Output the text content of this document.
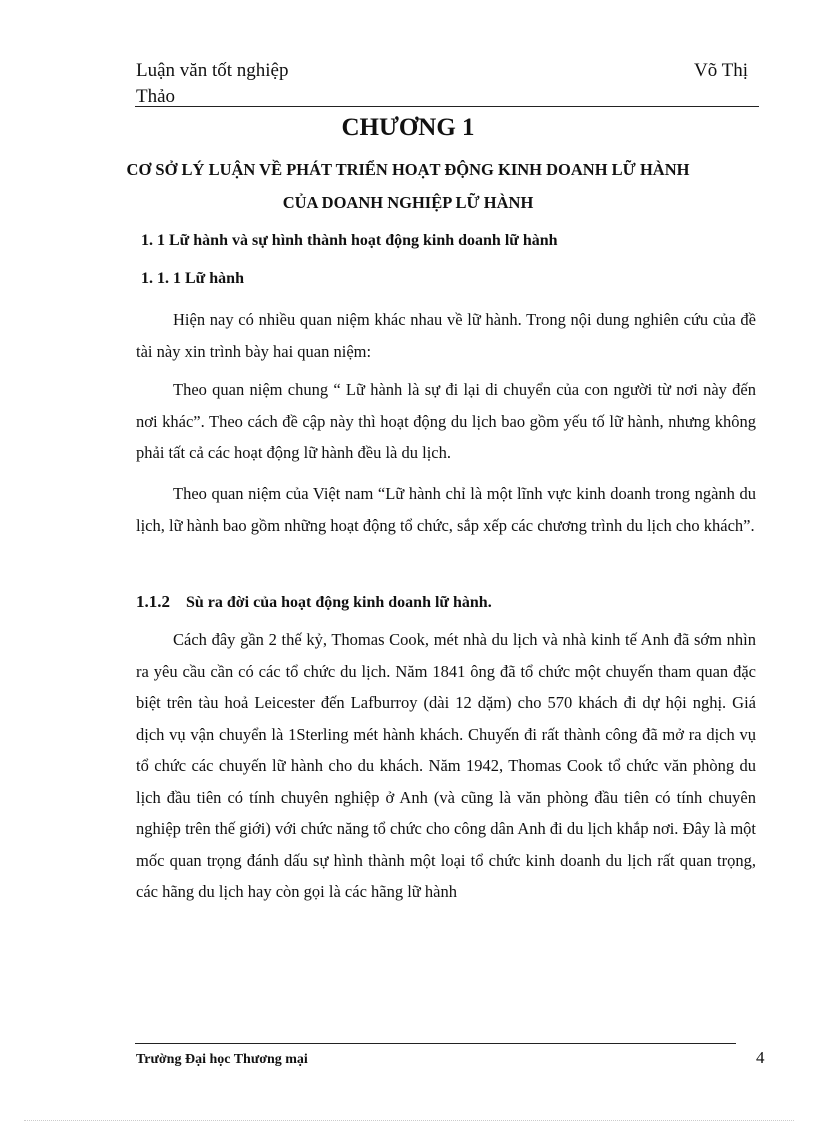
Luận văn tốt nghiệp
Thảo
Võ Thị
CHƯƠNG 1
CƠ SỞ LÝ LUẬN VỀ PHÁT TRIỂN HOẠT ĐỘNG KINH DOANH LỮ HÀNH CỦA DOANH NGHIỆP LỮ HÀNH
1. 1 Lữ hành và sự hình thành hoạt động kinh doanh lữ hành
1. 1. 1 Lữ hành
Hiện nay có nhiều quan niệm khác nhau về lữ hành. Trong nội dung nghiên cứu của đề tài này xin trình bày hai quan niệm:
Theo quan niệm chung “ Lữ hành là sự đi lại di chuyển của con người từ nơi này đến nơi khác”. Theo cách đề cập này thì hoạt động du lịch bao gồm yếu tố lữ hành, nhưng không phải tất cả các hoạt động lữ hành đều là du lịch.
Theo quan niệm của Việt nam “Lữ hành chỉ là một lĩnh vực kinh doanh trong ngành du lịch, lữ hành bao gồm những hoạt động tổ chức, sắp xếp các chương trình du lịch cho khách”.
1.1.2 Sù ra đời của hoạt động kinh doanh lữ hành.
Cách đây gần 2 thế kỷ, Thomas Cook, mét nhà du lịch và nhà kinh tế Anh đã sớm nhìn ra yêu cầu cần có các tổ chức du lịch. Năm 1841 ông đã tổ chức một chuyến tham quan đặc biệt trên tàu hoả Leicester đến Lafburroy (dài 12 dặm) cho 570 khách đi dự hội nghị. Giá dịch vụ vận chuyển là 1Sterling mét hành khách. Chuyến đi rất thành công đã mở ra dịch vụ tổ chức các chuyến lữ hành cho du khách. Năm 1942, Thomas Cook tổ chức văn phòng du lịch đầu tiên có tính chuyên nghiệp ở Anh (và cũng là văn phòng đầu tiên có tính chuyên nghiệp trên thế giới) với chức năng tổ chức cho công dân Anh đi du lịch khắp nơi. Đây là một mốc quan trọng đánh dấu sự hình thành một loại tổ chức kinh doanh du lịch rất quan trọng, các hãng du lịch hay còn gọi là các hãng lữ hành
Trường Đại học Thương mại	4
